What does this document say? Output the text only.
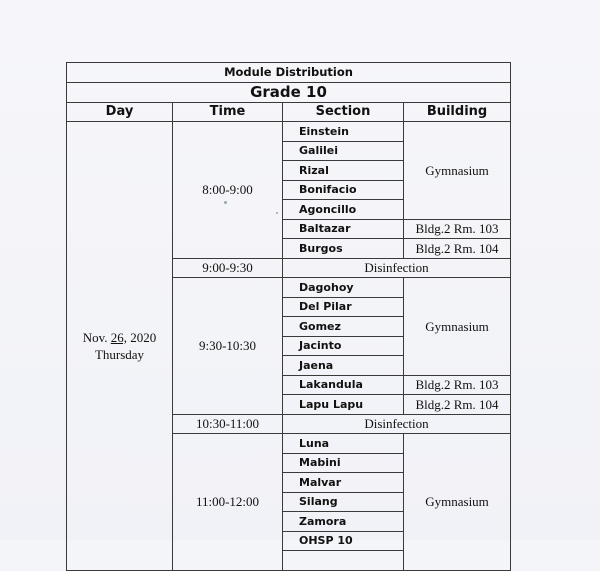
Module Distribution			
Grade 10			
Day	Time	Section	Building

Nov. 26, 2020
Thursday	8:00-9:00	Einstein	Gymnasium
		Galilei	
		Rizal	
		Bonifacio	
		Agoncillo	
		Baltazar	Bldg.2 Rm. 103
		Burgos	Bldg.2 Rm. 104
	9:00-9:30	Disinfection	
	9:30-10:30	Dagohoy	Gymnasium
		Del Pilar	
		Gomez	
		Jacinto	
		Jaena	
		Lakandula	Bldg.2 Rm. 103
		Lapu Lapu	Bldg.2 Rm. 104
	10:30-11:00	Disinfection	
	11:00-12:00	Luna	Gymnasium
		Mabini	
		Malvar	
		Silang	
		Zamora	
		OHSP 10	
